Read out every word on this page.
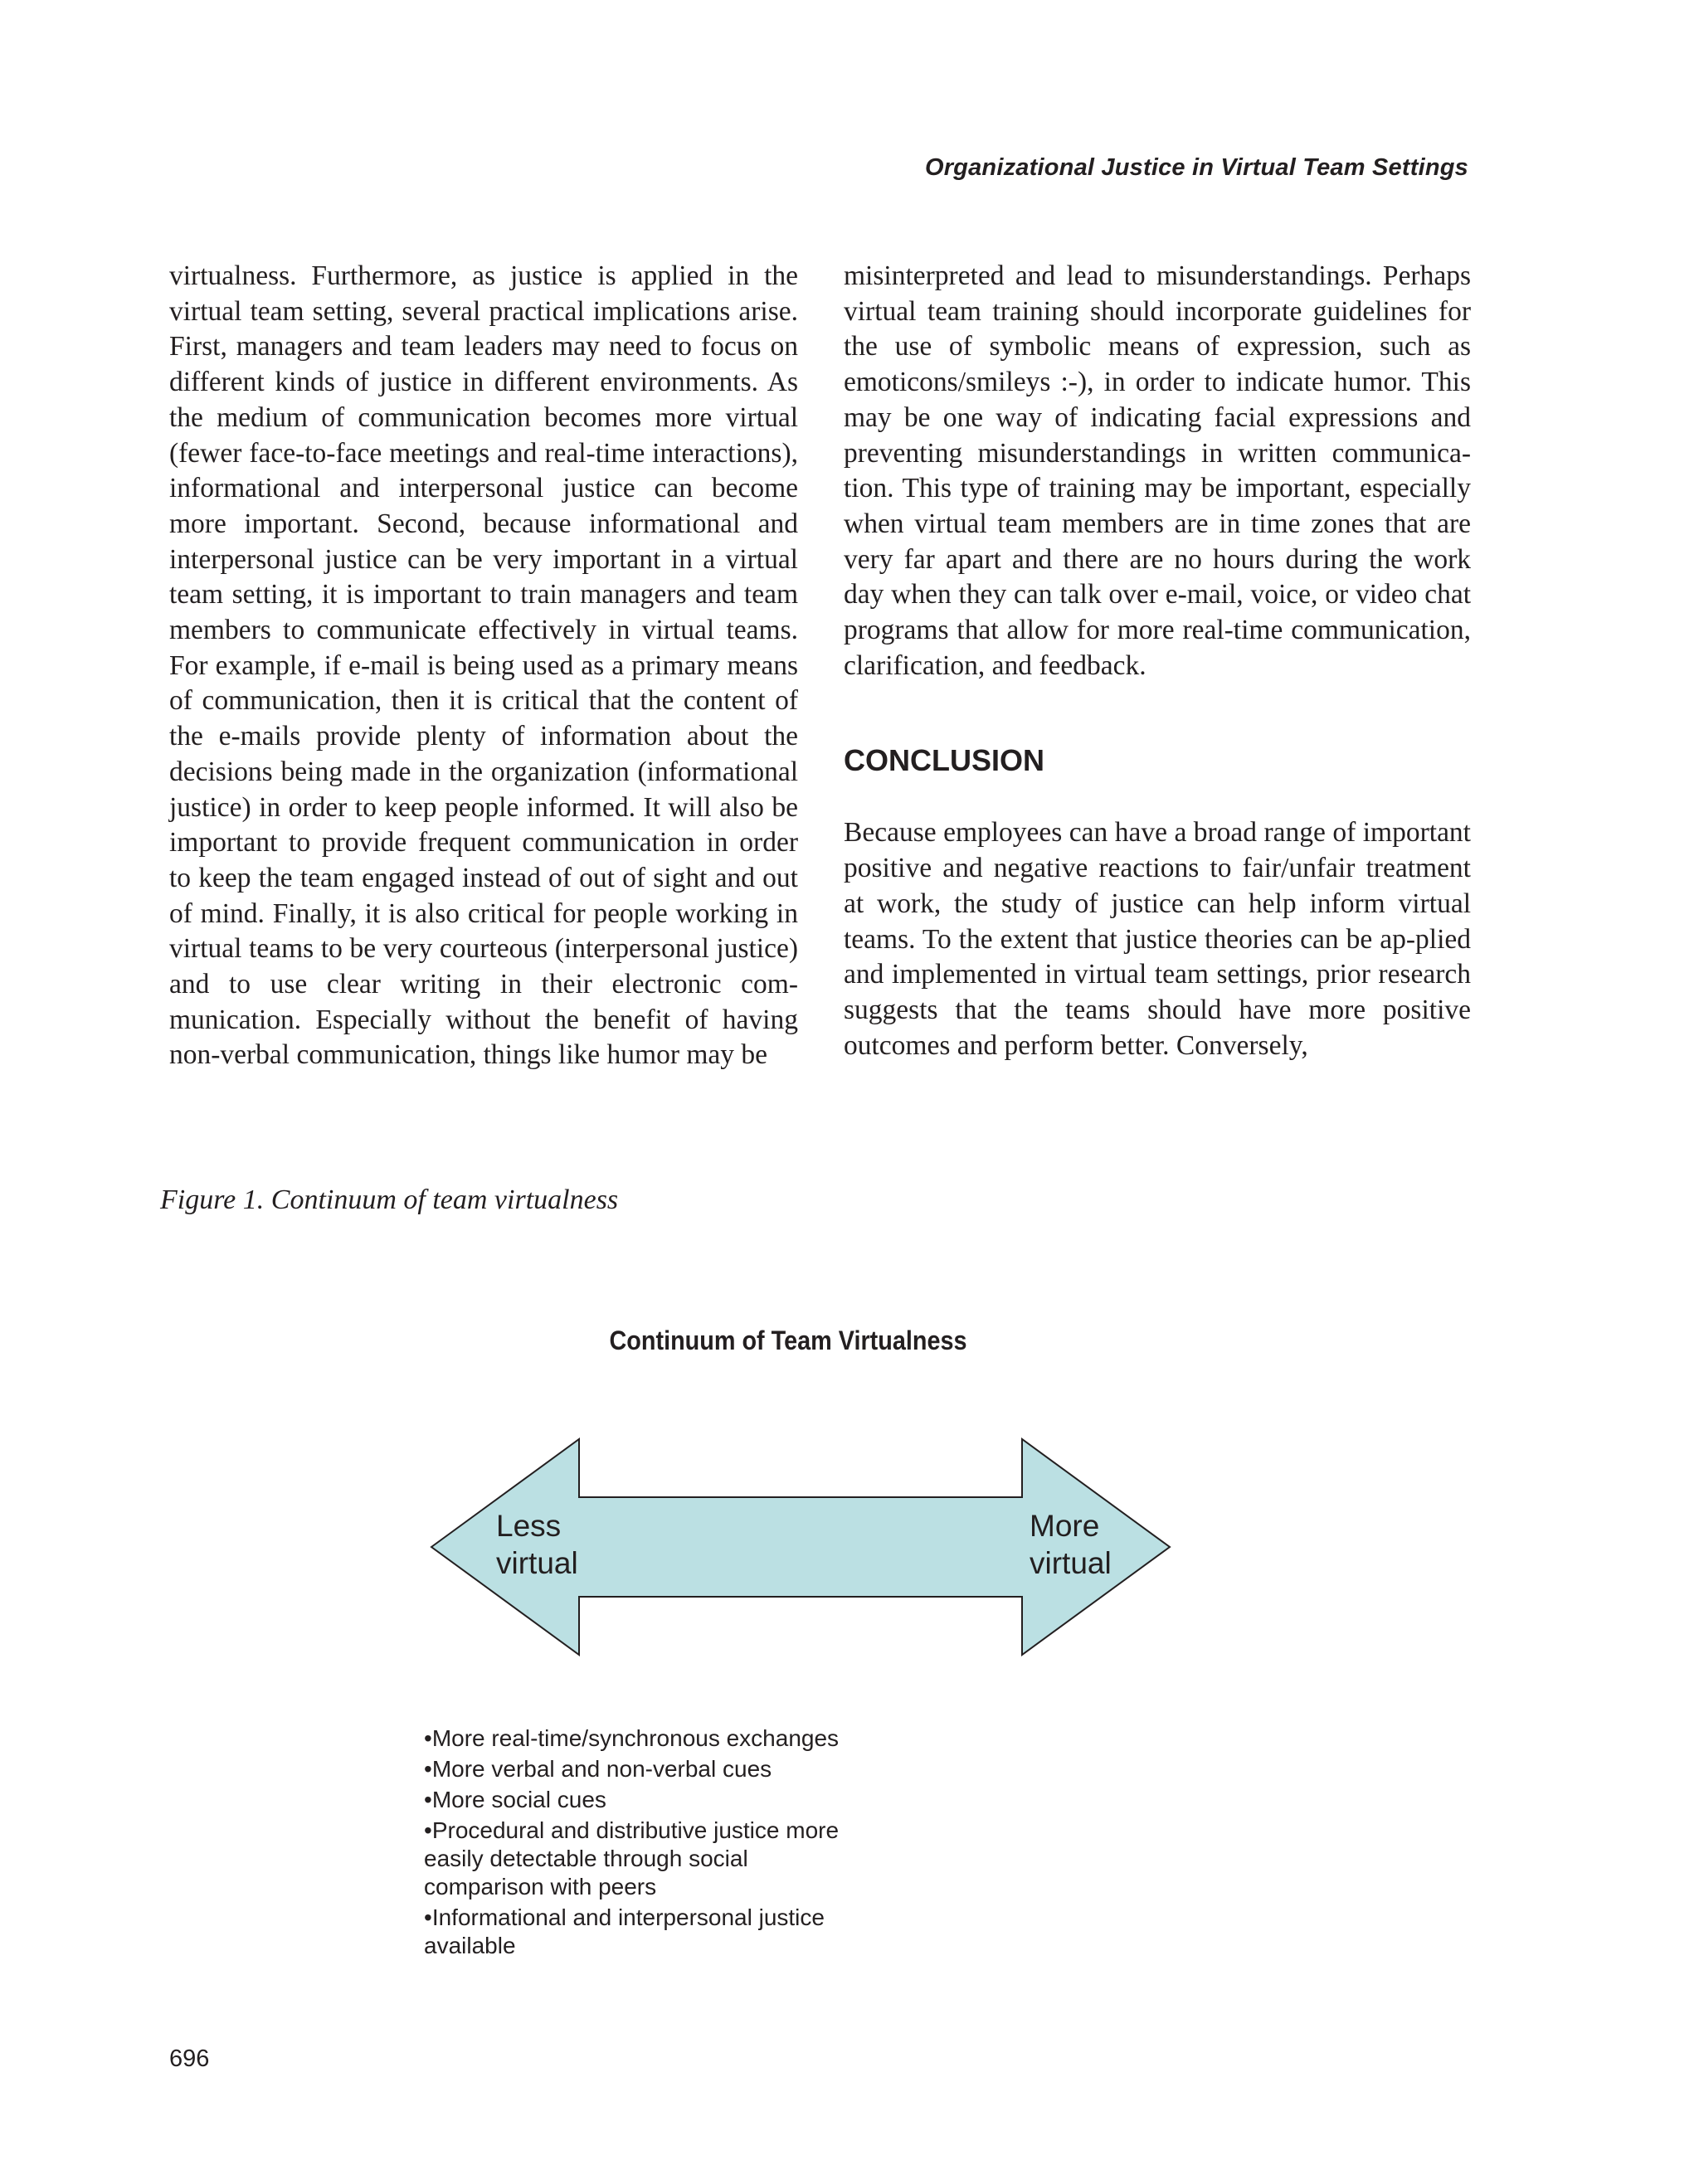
Organizational Justice in Virtual Team Settings

virtualness. Furthermore, as justice is applied in the virtual team setting, several practical implications arise. First, managers and team leaders may need to focus on different kinds of justice in different environments. As the medium of communication becomes more virtual (fewer face-to-face meetings and real-time interactions), informational and interpersonal justice can become more important. Second, because informational and interpersonal justice can be very important in a virtual team setting, it is important to train managers and team members to communicate effectively in virtual teams. For example, if e-mail is being used as a primary means of communication, then it is critical that the content of the e-mails provide plenty of information about the decisions being made in the organization (informational justice) in order to keep people informed. It will also be important to provide frequent communication in order to keep the team engaged instead of out of sight and out of mind. Finally, it is also critical for people working in virtual teams to be very courteous (interpersonal justice) and to use clear writing in their electronic com-munication. Especially without the benefit of having non-verbal communication, things like humor may be

misinterpreted and lead to misunderstandings. Perhaps virtual team training should incorporate guidelines for the use of symbolic means of expression, such as emoticons/smileys :-), in order to indicate humor. This may be one way of indicating facial expressions and preventing misunderstandings in written communica-tion. This type of training may be important, especially when virtual team members are in time zones that are very far apart and there are no hours during the work day when they can talk over e-mail, voice, or video chat programs that allow for more real-time communication, clarification, and feedback.

CONCLUSION

Because employees can have a broad range of important positive and negative reactions to fair/unfair treatment at work, the study of justice can help inform virtual teams. To the extent that justice theories can be ap-plied and implemented in virtual team settings, prior research suggests that the teams should have more positive outcomes and perform better. Conversely,

Figure 1. Continuum of team virtualness
Continuum of Team Virtualness
Less
virtual
More
virtual
• More real-time/synchronous exchanges
• More verbal and non-verbal cues
• More social cues
• Procedural and distributive justice more easily detectable through social comparison with peers
• Informational and interpersonal justice available
696
